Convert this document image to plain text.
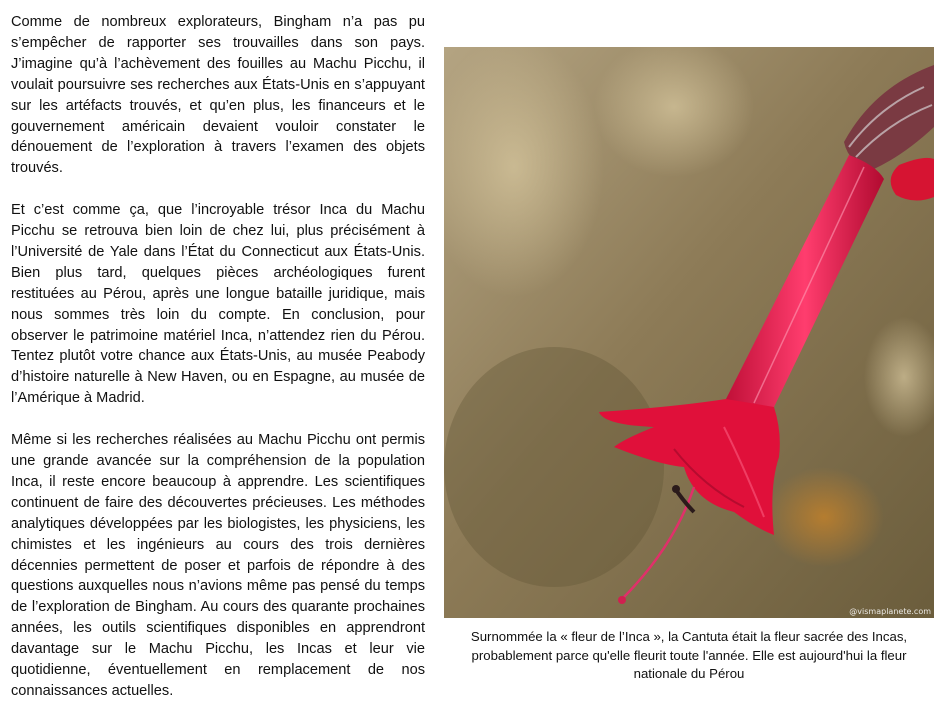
Comme de nombreux explorateurs, Bingham n’a pas pu s’empêcher de rapporter ses trouvailles dans son pays. J’imagine qu’à l’achèvement des fouilles au Machu Picchu, il voulait poursuivre ses recherches aux États-Unis en s’appuyant sur les artéfacts trouvés, et qu’en plus, les financeurs et le gouvernement américain devaient vouloir constater le dénouement de l’exploration à travers l’examen des objets trouvés.

Et c’est comme ça, que l’incroyable trésor Inca du Machu Picchu se retrouva bien loin de chez lui, plus précisément à l’Université de Yale dans l’État du Connecticut aux États-Unis. Bien plus tard, quelques pièces archéologiques furent restituées au Pérou, après une longue bataille juridique, mais nous sommes très loin du compte. En conclusion, pour observer le patrimoine matériel Inca, n’attendez rien du Pérou. Tentez plutôt votre chance aux États-Unis, au musée Peabody d’histoire naturelle à New Haven, ou en Espagne, au musée de l’Amérique à Madrid.

Même si les recherches réalisées au Machu Picchu ont permis une grande avancée sur la compréhension de la population Inca, il reste encore beaucoup à apprendre. Les scientifiques continuent de faire des découvertes précieuses. Les méthodes analytiques développées par les biologistes, les physiciens, les chimistes et les ingénieurs au cours des trois dernières décennies permettent de poser et parfois de répondre à des questions auxquelles nous n’avions même pas pensé du temps de l’exploration de Bingham. Au cours des quarante prochaines années, les outils scientifiques disponibles en apprendront davantage sur le Machu Picchu, les Incas et leur vie quotidienne, éventuellement en remplacement de nos connaissances actuelles.

@vismaplanete.com
Surnommée la « fleur de l’Inca », la Cantuta était la fleur sacrée des Incas, probablement parce qu'elle fleurit toute l'année. Elle est aujourd'hui la fleur nationale du Pérou
